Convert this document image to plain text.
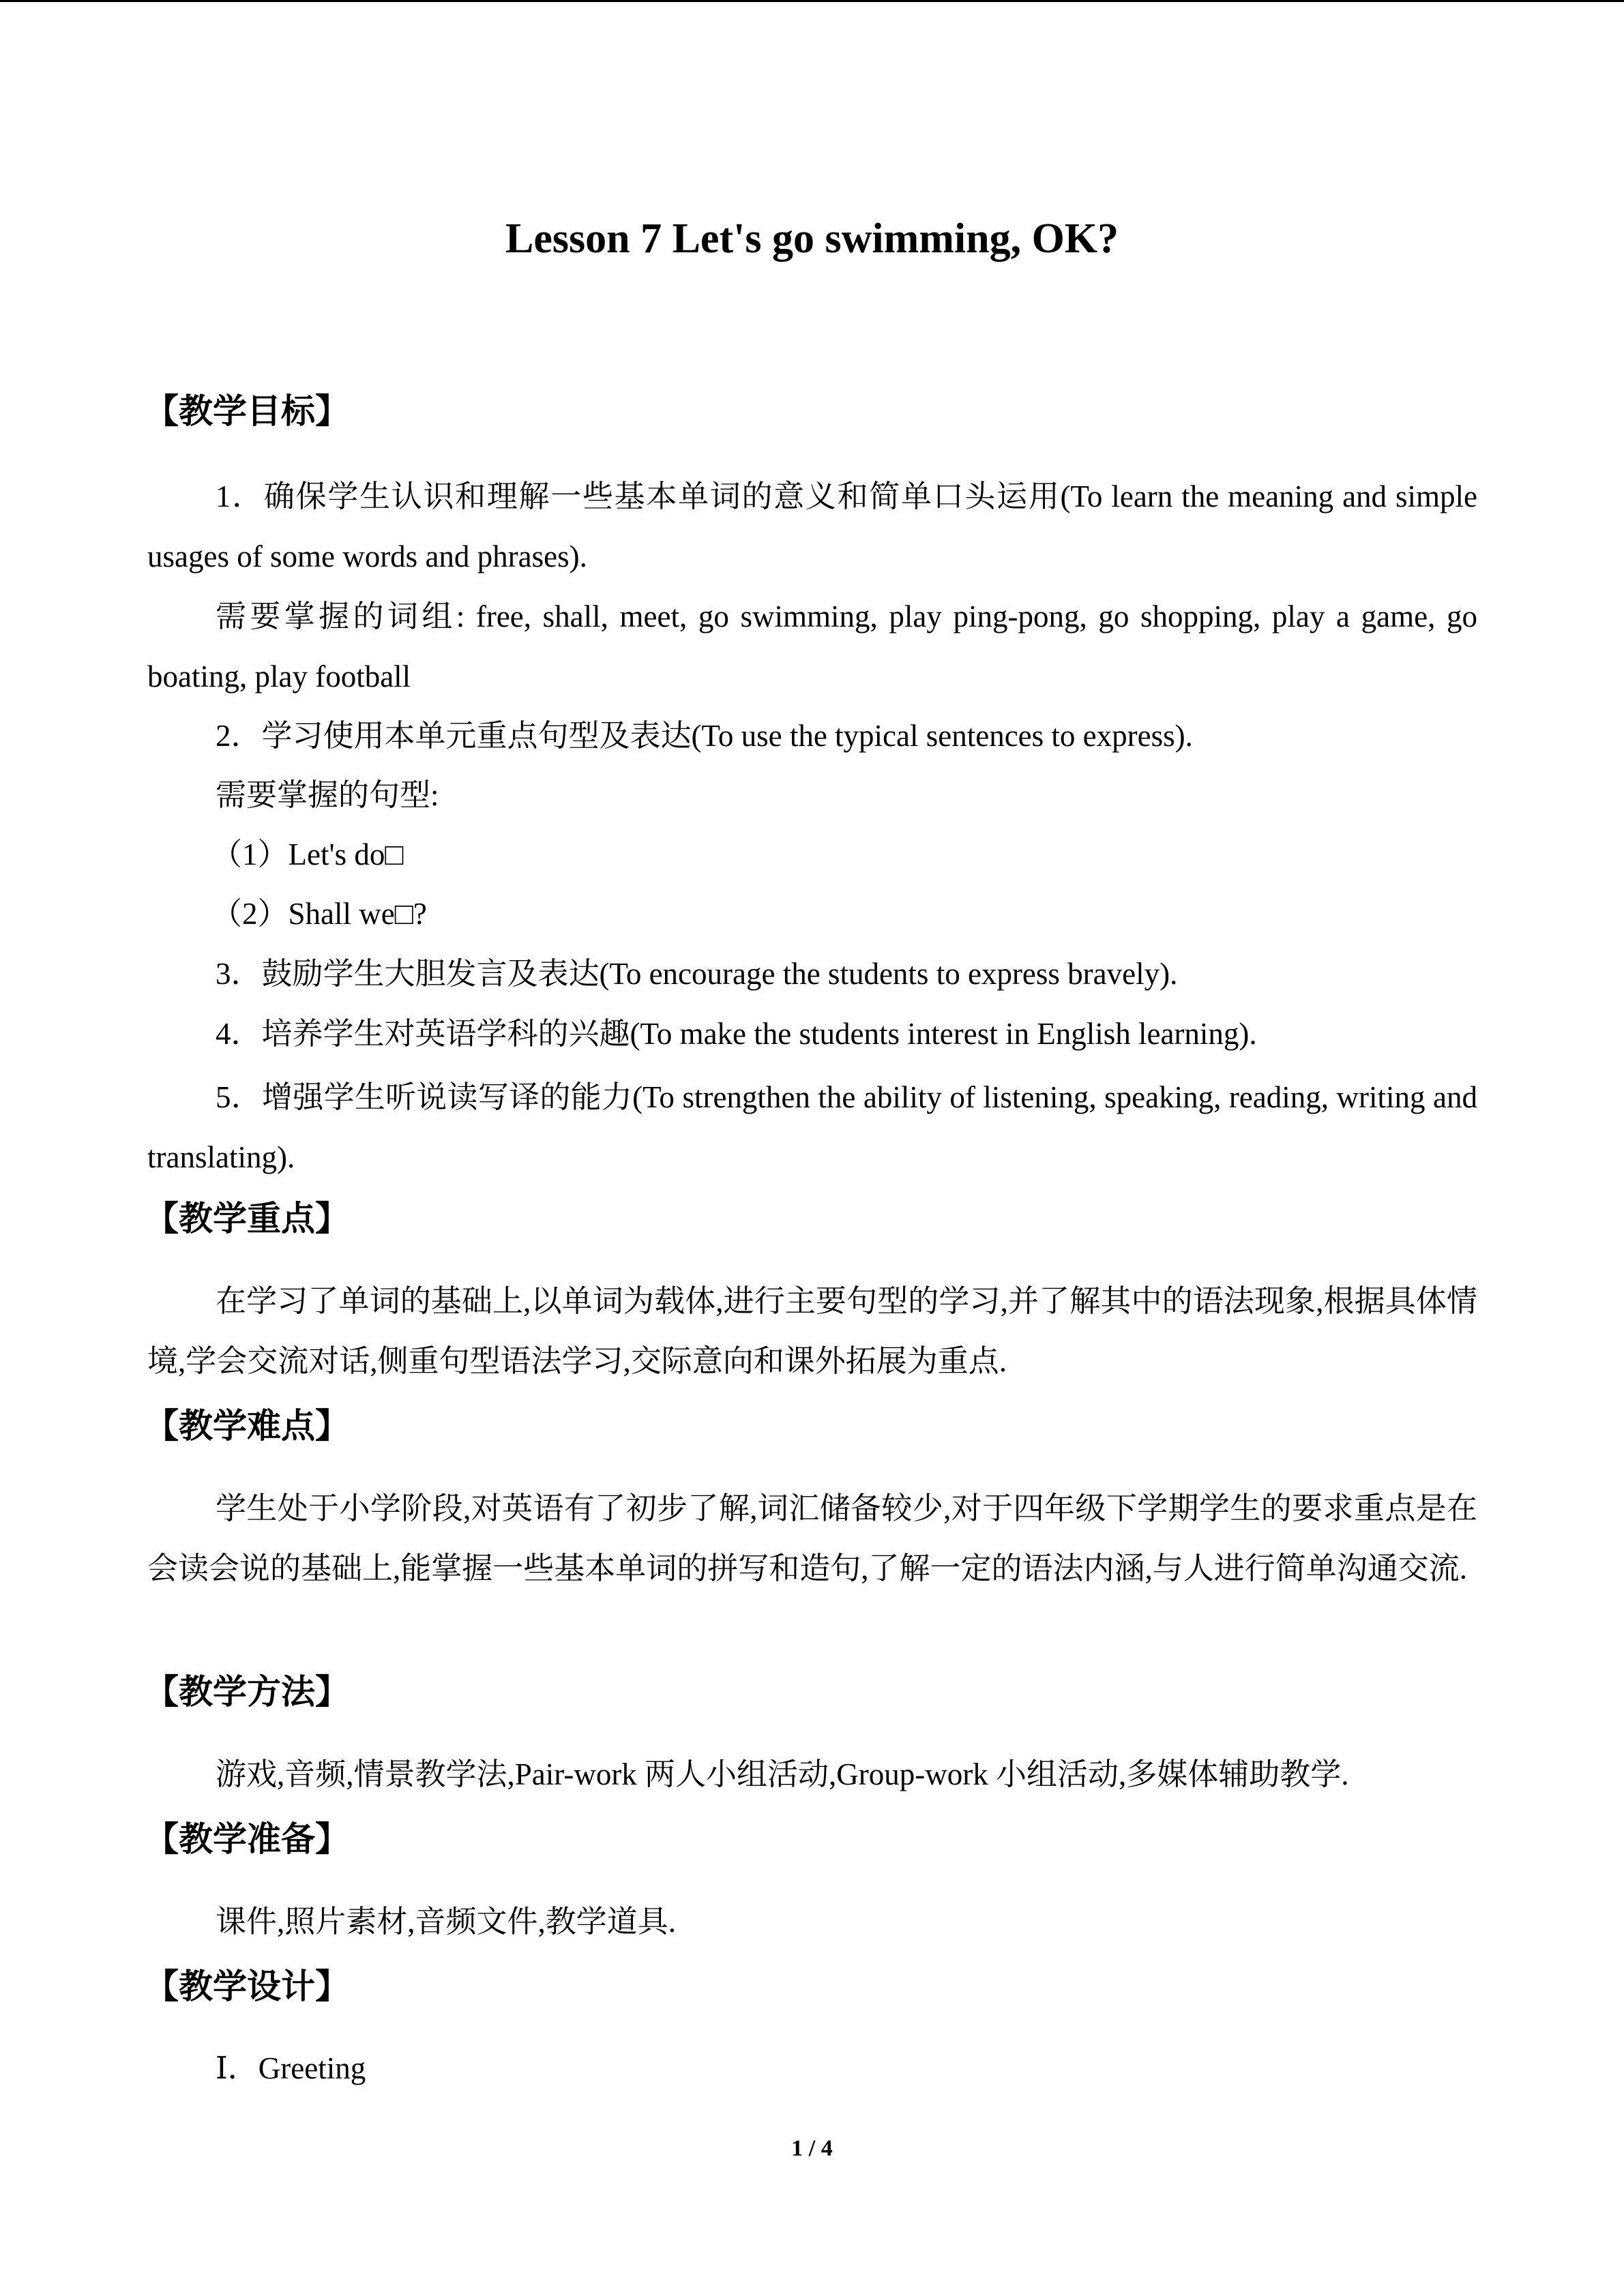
Lesson 7 Let's go swimming, OK?
【教学目标】
1．确保学生认识和理解一些基本单词的意义和简单口头运用(To learn the meaning and simple usages of some words and phrases).
需要掌握的词组: free, shall, meet, go swimming, play ping-pong, go shopping, play a game, go boating, play football
2．学习使用本单元重点句型及表达(To use the typical sentences to express).
需要掌握的句型:
（1）Let's do□
（2）Shall we□?
3．鼓励学生大胆发言及表达(To encourage the students to express bravely).
4．培养学生对英语学科的兴趣(To make the students interest in English learning).
5．增强学生听说读写译的能力(To strengthen the ability of listening, speaking, reading, writing and translating).
【教学重点】
在学习了单词的基础上,以单词为载体,进行主要句型的学习,并了解其中的语法现象,根据具体情境,学会交流对话,侧重句型语法学习,交际意向和课外拓展为重点.
【教学难点】
学生处于小学阶段,对英语有了初步了解,词汇储备较少,对于四年级下学期学生的要求重点是在会读会说的基础上,能掌握一些基本单词的拼写和造句,了解一定的语法内涵,与人进行简单沟通交流.
【教学方法】
游戏,音频,情景教学法,Pair-work 两人小组活动,Group-work 小组活动,多媒体辅助教学.
【教学准备】
课件,照片素材,音频文件,教学道具.
【教学设计】
Ⅰ．Greeting
1 / 4
